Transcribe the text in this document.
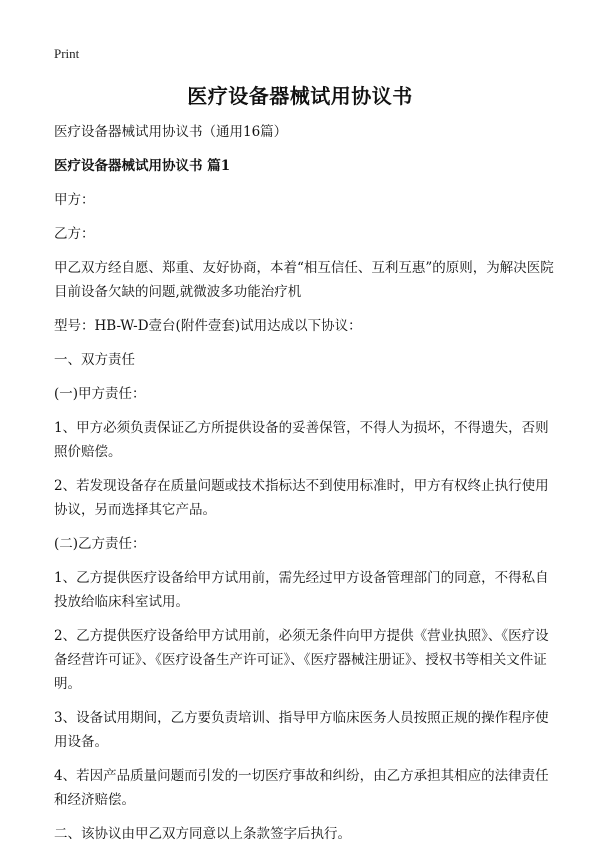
Print
医疗设备器械试用协议书

医疗设备器械试用协议书（通用16篇）

医疗设备器械试用协议书 篇1

甲方：

乙方：

甲乙双方经自愿、郑重、友好协商，本着“相互信任、互利互惠”的原则，为解决医院目前设备欠缺的问题,就微波多功能治疗机

型号：HB-W-D壹台(附件壹套)试用达成以下协议：

一、双方责任

(一)甲方责任：

1、甲方必须负责保证乙方所提供设备的妥善保管，不得人为损坏，不得遗失，否则照价赔偿。

2、若发现设备存在质量问题或技术指标达不到使用标准时，甲方有权终止执行使用协议，另而选择其它产品。

(二)乙方责任：

1、乙方提供医疗设备给甲方试用前，需先经过甲方设备管理部门的同意，不得私自投放给临床科室试用。

2、乙方提供医疗设备给甲方试用前，必须无条件向甲方提供《营业执照》、《医疗设备经营许可证》、《医疗设备生产许可证》、《医疗器械注册证》、授权书等相关文件证明。

3、设备试用期间，乙方要负责培训、指导甲方临床医务人员按照正规的操作程序使用设备。

4、若因产品质量问题而引发的一切医疗事故和纠纷，由乙方承担其相应的法律责任和经济赔偿。

二、该协议由甲乙双方同意以上条款签字后执行。
